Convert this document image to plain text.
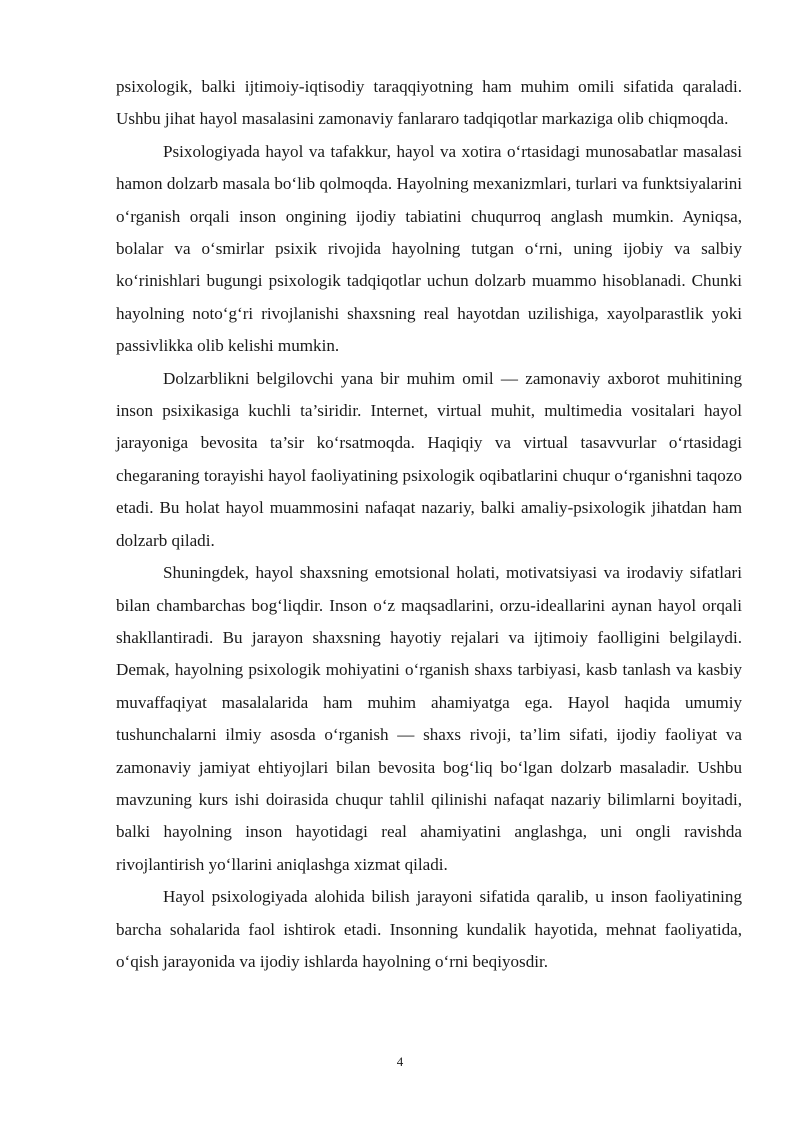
psixologik, balki ijtimoiy-iqtisodiy taraqqiyotning ham muhim omili sifatida qaraladi. Ushbu jihat hayol masalasini zamonaviy fanlararo tadqiqotlar markaziga olib chiqmoqda.

Psixologiyada hayol va tafakkur, hayol va xotira o‘rtasidagi munosabatlar masalasi hamon dolzarb masala bo‘lib qolmoqda. Hayolning mexanizmlari, turlari va funktsiyalarini o‘rganish orqali inson ongining ijodiy tabiatini chuqurroq anglash mumkin. Ayniqsa, bolalar va o‘smirlar psixik rivojida hayolning tutgan o‘rni, uning ijobiy va salbiy ko‘rinishlari bugungi psixologik tadqiqotlar uchun dolzarb muammo hisoblanadi. Chunki hayolning noto‘g‘ri rivojlanishi shaxsning real hayotdan uzilishiga, xayolparastlik yoki passivlikka olib kelishi mumkin.

Dolzarblikni belgilovchi yana bir muhim omil — zamonaviy axborot muhitining inson psixikasiga kuchli ta’siridir. Internet, virtual muhit, multimedia vositalari hayol jarayoniga bevosita ta’sir ko‘rsatmoqda. Haqiqiy va virtual tasavvurlar o‘rtasidagi chegaraning torayishi hayol faoliyatining psixologik oqibatlarini chuqur o‘rganishni taqozo etadi. Bu holat hayol muammosini nafaqat nazariy, balki amaliy-psixologik jihatdan ham dolzarb qiladi.

Shuningdek, hayol shaxsning emotsional holati, motivatsiyasi va irodaviy sifatlari bilan chambarchas bog‘liqdir. Inson o‘z maqsadlarini, orzu-ideallarini aynan hayol orqali shakllantiradi. Bu jarayon shaxsning hayotiy rejalari va ijtimoiy faolligini belgilaydi. Demak, hayolning psixologik mohiyatini o‘rganish shaxs tarbiyasi, kasb tanlash va kasbiy muvaffaqiyat masalalarida ham muhim ahamiyatga ega. Hayol haqida umumiy tushunchalarni ilmiy asosda o‘rganish — shaxs rivoji, ta’lim sifati, ijodiy faoliyat va zamonaviy jamiyat ehtiyojlari bilan bevosita bog‘liq bo‘lgan dolzarb masaladir. Ushbu mavzuning kurs ishi doirasida chuqur tahlil qilinishi nafaqat nazariy bilimlarni boyitadi, balki hayolning inson hayotidagi real ahamiyatini anglashga, uni ongli ravishda rivojlantirish yo‘llarini aniqlashga xizmat qiladi.

Hayol psixologiyada alohida bilish jarayoni sifatida qaralib, u inson faoliyatining barcha sohalarida faol ishtirok etadi. Insonning kundalik hayotida, mehnat faoliyatida, o‘qish jarayonida va ijodiy ishlarda hayolning o‘rni beqiyosdir.

4
